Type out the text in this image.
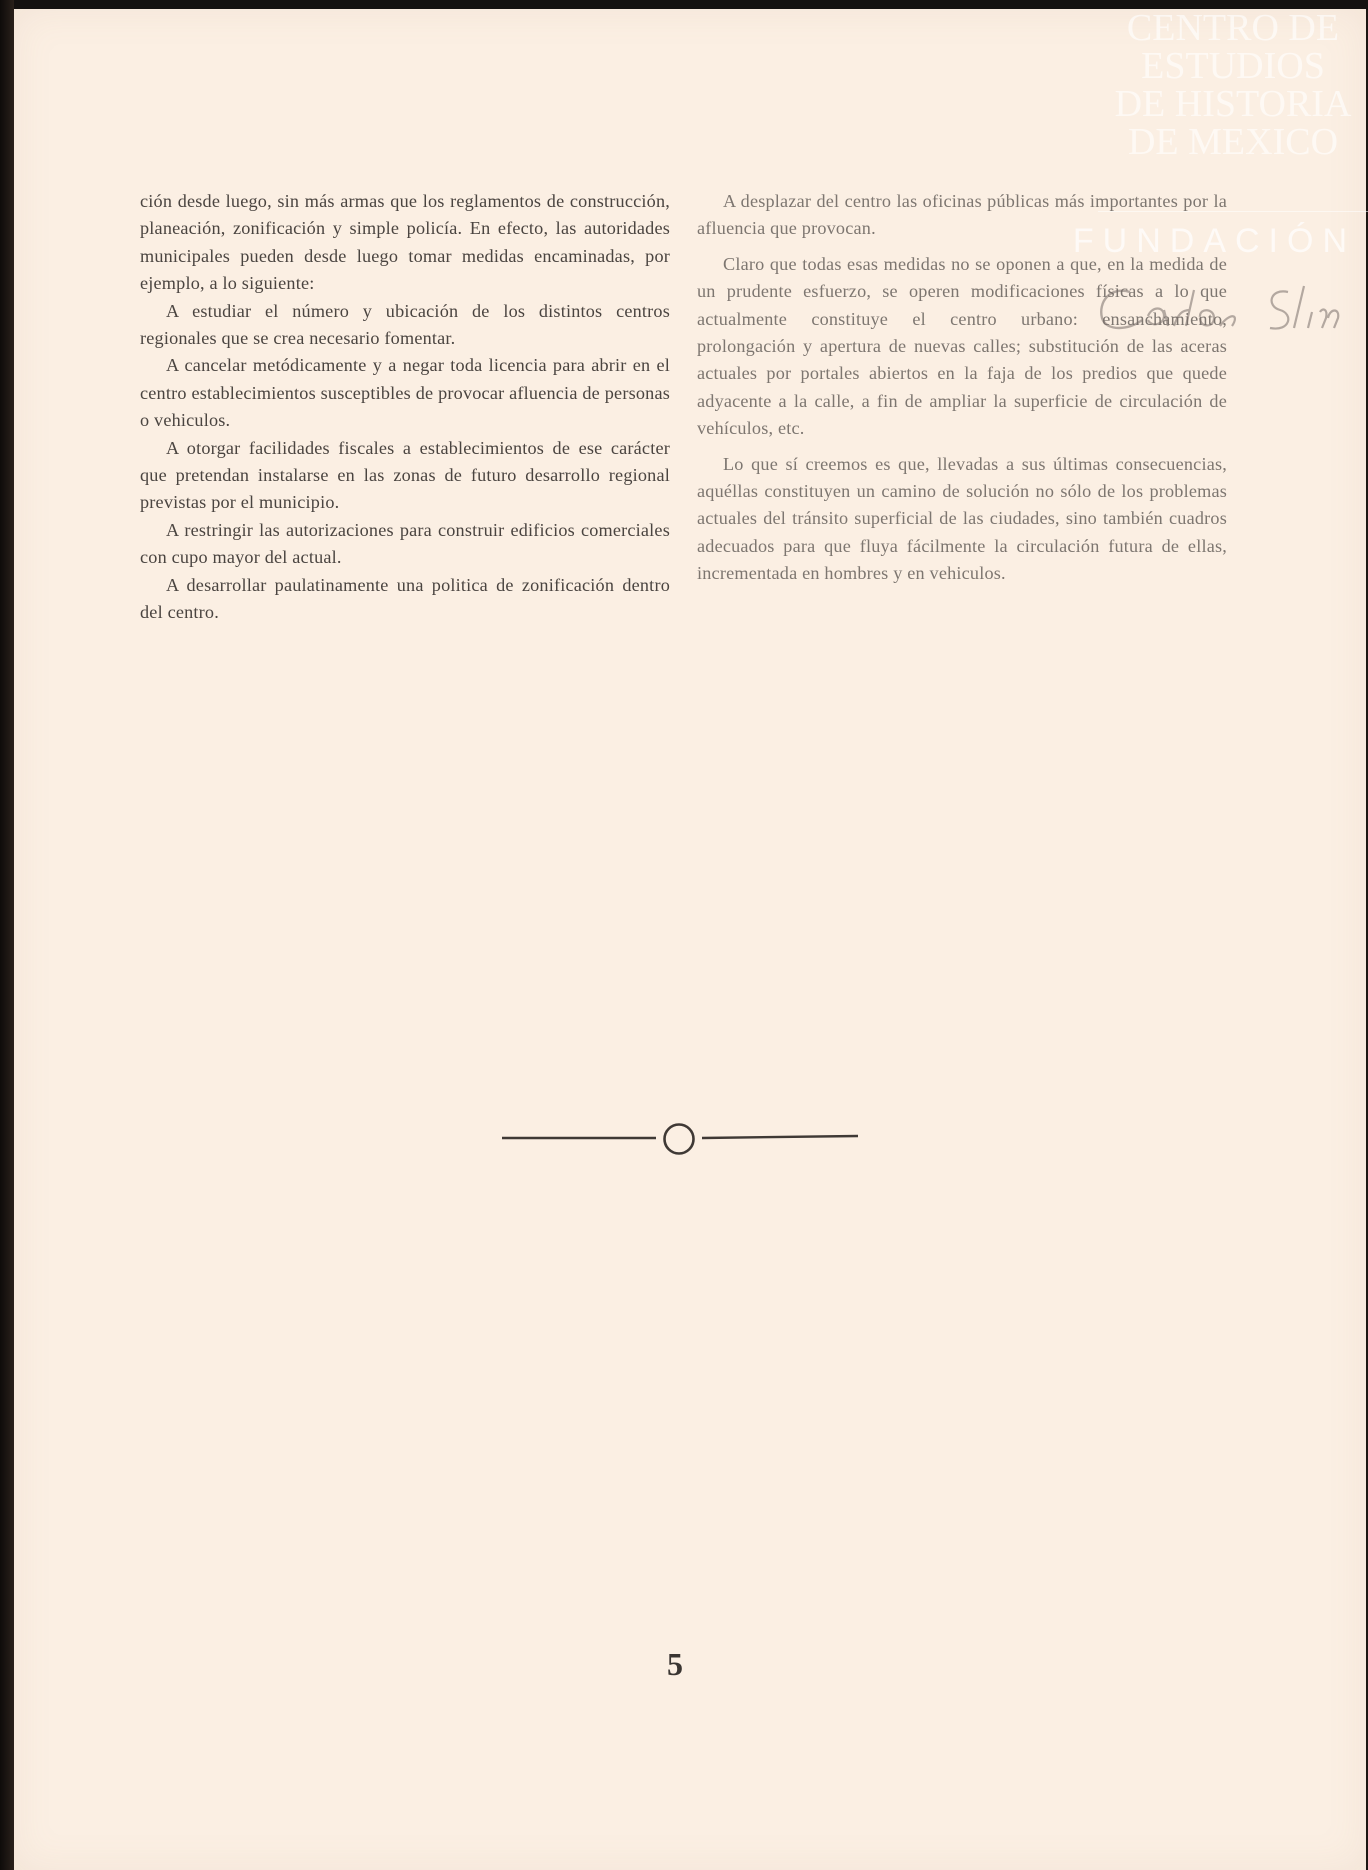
ción desde luego, sin más armas que los reglamentos de construcción, planeación, zonificación y simple policía. En efecto, las autoridades municipales pueden desde luego tomar medidas encaminadas, por ejemplo, a lo siguiente:

A estudiar el número y ubicación de los distintos centros regionales que se crea necesario fomentar.

A cancelar metódicamente y a negar toda licencia para abrir en el centro establecimientos susceptibles de provocar afluencia de personas o vehiculos.

A otorgar facilidades fiscales a establecimientos de ese carácter que pretendan instalarse en las zonas de futuro desarrollo regional previstas por el municipio.

A restringir las autorizaciones para construir edificios comerciales con cupo mayor del actual.

A desarrollar paulatinamente una politica de zonificación dentro del centro.

A desplazar del centro las oficinas públicas más importantes por la afluencia que provocan.

Claro que todas esas medidas no se oponen a que, en la medida de un prudente esfuerzo, se operen modificaciones físicas a lo que actualmente constituye el centro urbano: ensanchamiento, prolongación y apertura de nuevas calles; substitución de las aceras actuales por portales abiertos en la faja de los predios que quede adyacente a la calle, a fin de ampliar la superficie de circulación de vehículos, etc.

Lo que sí creemos es que, llevadas a sus últimas consecuencias, aquéllas constituyen un camino de solución no sólo de los problemas actuales del tránsito superficial de las ciudades, sino también cuadros adecuados para que fluya fácilmente la circulación futura de ellas, incrementada en hombres y en vehiculos.

5
CENTRO DE
ESTUDIOS
DE HISTORIA
DE MEXICO
FUNDACIÓN
